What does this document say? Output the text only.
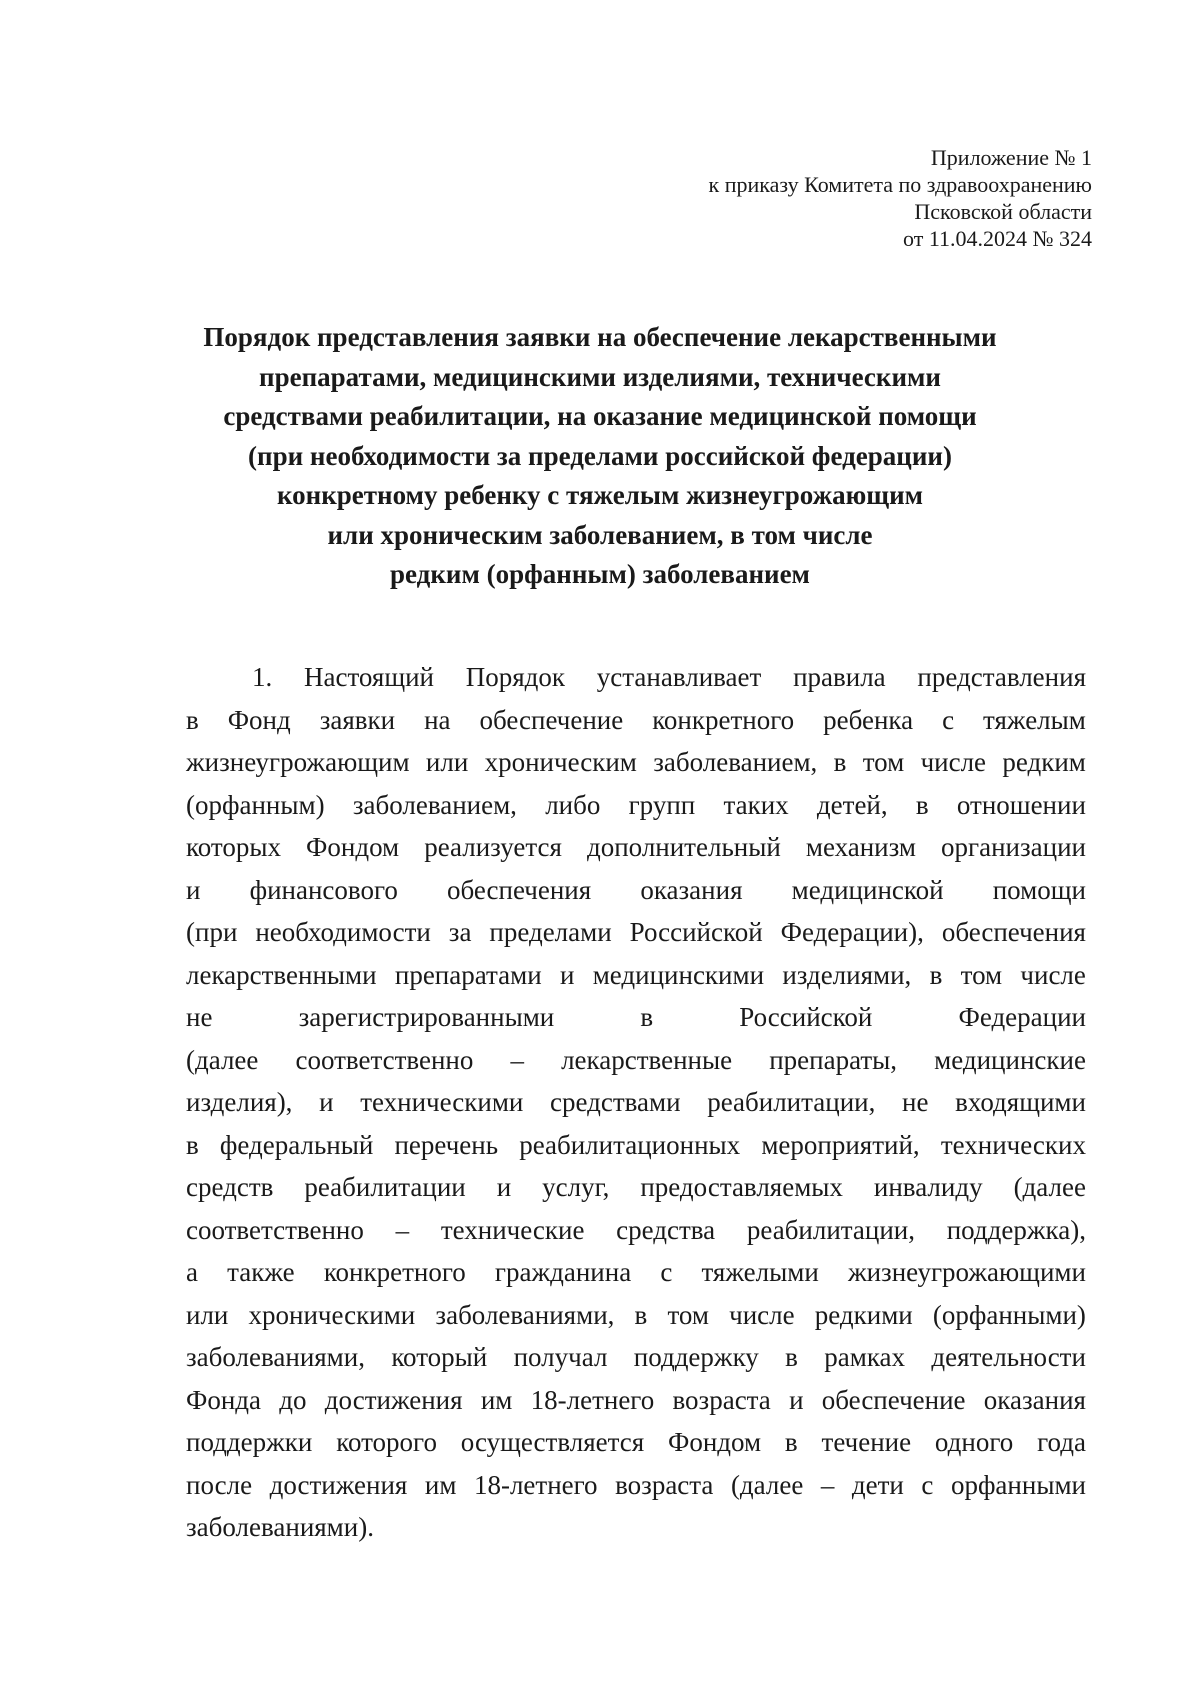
Приложение № 1
к приказу Комитета по здравоохранению
Псковской области
от 11.04.2024 № 324
Порядок представления заявки на обеспечение лекарственными
препаратами, медицинскими изделиями, техническими
средствами реабилитации, на оказание медицинской помощи
(при необходимости за пределами российской федерации)
конкретному ребенку с тяжелым жизнеугрожающим
или хроническим заболеванием, в том числе
редким (орфанным) заболеванием
1. Настоящий Порядок устанавливает правила представления
в Фонд заявки на обеспечение конкретного ребенка с тяжелым
жизнеугрожающим или хроническим заболеванием, в том числе редким
(орфанным) заболеванием, либо групп таких детей, в отношении
которых Фондом реализуется дополнительный механизм организации
и финансового обеспечения оказания медицинской помощи
(при необходимости за пределами Российской Федерации), обеспечения
лекарственными препаратами и медицинскими изделиями, в том числе
не	зарегистрированными	в	Российской	Федерации
(далее соответственно – лекарственные препараты, медицинские
изделия), и техническими средствами реабилитации, не входящими
в федеральный перечень реабилитационных мероприятий, технических
средств реабилитации и услуг, предоставляемых инвалиду (далее
соответственно – технические средства реабилитации, поддержка),
а также конкретного гражданина с тяжелыми жизнеугрожающими
или хроническими заболеваниями, в том числе редкими (орфанными)
заболеваниями, который получал поддержку в рамках деятельности
Фонда до достижения им 18-летнего возраста и обеспечение оказания
поддержки которого осуществляется Фондом в течение одного года
после достижения им 18-летнего возраста (далее – дети с орфанными
заболеваниями).
